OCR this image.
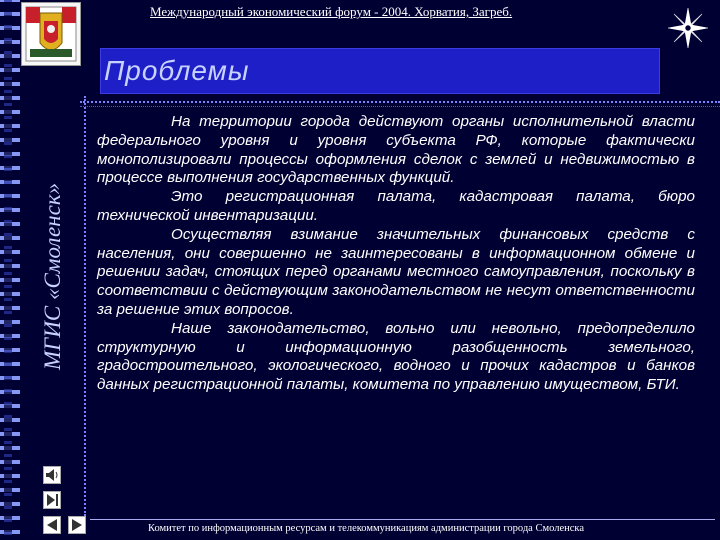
Международный экономический форум - 2004. Хорватия, Загреб.
Проблемы
МГИС «Смоленск»

На территории города действуют органы исполнительной власти федерального уровня и уровня субъекта РФ, которые фактически монополизировали процессы оформления сделок с землей и недвижимостью в процессе выполнения государственных функций.

Это регистрационная палата, кадастровая палата, бюро технической инвентаризации.

Осуществляя взимание значительных финансовых средств с населения, они совершенно не заинтересованы в информационном обмене и решении задач, стоящих перед органами местного самоуправления, поскольку в соответствии с действующим законодательством не несут ответственности за решение этих вопросов.

Наше законодательство, вольно или невольно, предопределило структурную и информационную разобщенность земельного, градостроительного, экологического, водного и прочих кадастров и банков данных регистрационной палаты, комитета по управлению имуществом, БТИ.

Комитет по информационным ресурсам и телекоммуникациям администрации города Смоленска
